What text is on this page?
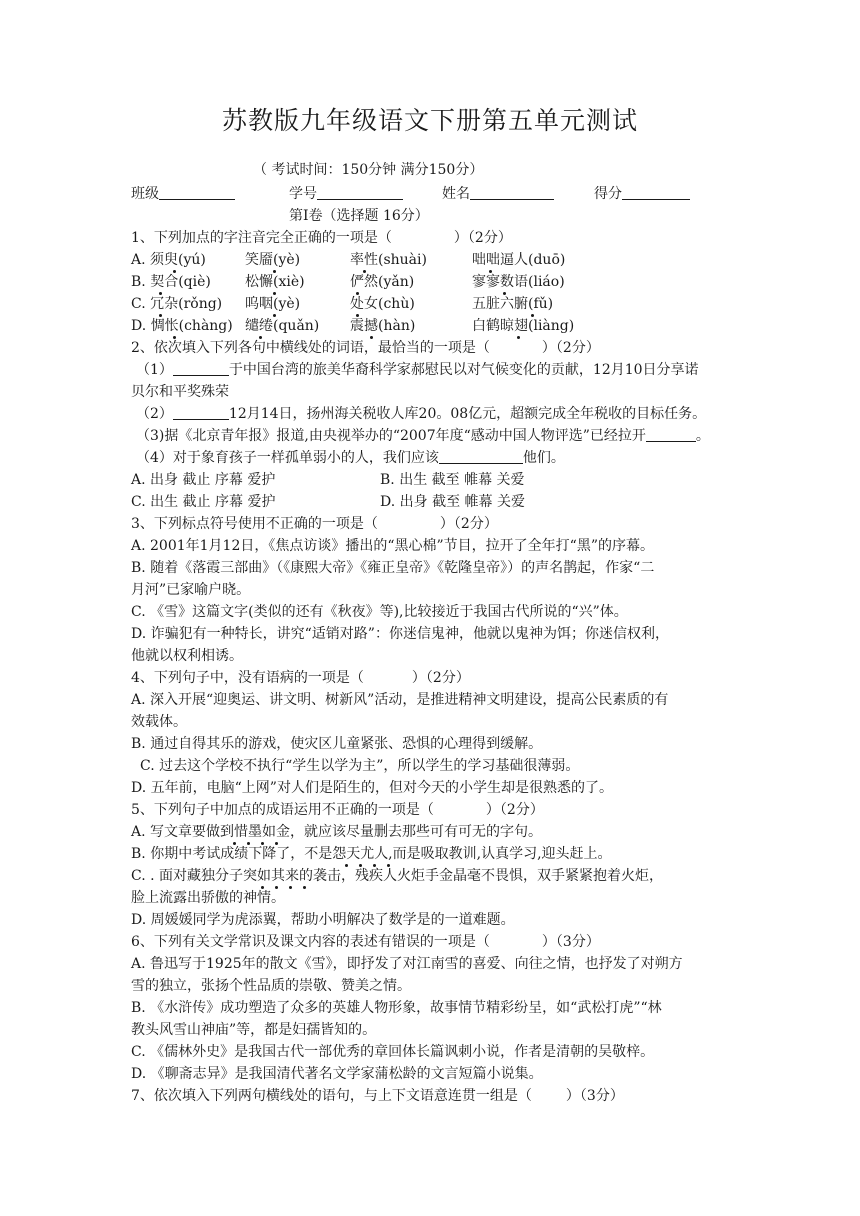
苏教版九年级语文下册第五单元测试
（ 考试时间：150分钟 满分150分）
班级	学号	姓名	得分
第Ⅰ卷（选择题 16分）
1、下列加点的字注音完全正确的一项是（	）（2分）
A. 须臾(yú)	笑靥(yè)	率性(shuài)	咄咄逼人(duō)
B. 契合(qiè) 松懈(xiè)	俨然(yǎn)	寥寥数语(liáo)
C. 冗杂(rǒng) 呜咽(yè)	处女(chù)	五脏六腑(fǔ)
D. 惆怅(chàng) 缱绻(quǎn) 震撼(hàn)	白鹤晾翅(liàng)
2、依次填入下列各句中横线处的词语，最恰当的一项是（	）（2分）
（1）	于中国台湾的旅美华裔科学家郝慰民以对气候变化的贡献，12月10日分享诺
贝尔和平奖殊荣
（2）	12月14日，扬州海关税收人库20。08亿元，超额完成全年税收的目标任务。
（3)据《北京青年报》报道,由央视举办的“2007年度“感动中国人物评选”已经拉开	。
（4）对于象育孩子一样孤单弱小的人，我们应该	他们。
A. 出身 截止 序幕 爱护	B. 出生 截至 帷幕 关爱
C. 出生 截止 序幕 爱护	D. 出身 截至 帷幕 关爱
3、下列标点符号使用不正确的一项是（	）（2分）
A. 2001年1月12日，《焦点访谈》播出的“黑心棉”节目，拉开了全年打“黑”的序幕。
B. 随着《落霞三部曲》（《康熙大帝》《雍正皇帝》《乾隆皇帝》）的声名鹊起，作家“二
月河”已家喻户晓。
C. 《雪》这篇文字(类似的还有《秋夜》等),比较接近于我国古代所说的“兴”体。
D. 诈骗犯有一种特长，讲究“适销对路”：你迷信鬼神，他就以鬼神为饵；你迷信权利，
他就以权利相诱。
4、下列句子中，没有语病的一项是（	）（2分）
A. 深入开展“迎奥运、讲文明、树新风”活动，是推进精神文明建设，提高公民素质的有
效载体。
B. 通过自得其乐的游戏，使灾区儿童紧张、恐惧的心理得到缓解。
C. 过去这个学校不执行“学生以学为主”，所以学生的学习基础很薄弱。
D. 五年前，电脑“上网”对人们是陌生的，但对今天的小学生却是很熟悉的了。
5、下列句子中加点的成语运用不正确的一项是（	）（2分）
A. 写文章要做到惜墨如金，就应该尽量删去那些可有可无的字句。
B. 你期中考试成绩下降了，不是怨天尤人,而是吸取教训,认真学习,迎头赶上。
C. . 面对藏独分子突如其来的袭击，残疾人火炬手金晶毫不畏惧，双手紧紧抱着火炬，
脸上流露出骄傲的神情。
D. 周媛媛同学为虎添翼，帮助小明解决了数学是的一道难题。
6、下列有关文学常识及课文内容的表述有错误的一项是（	）（3分）
A. 鲁迅写于1925年的散文《雪》，即抒发了对江南雪的喜爱、向往之情，也抒发了对朔方
雪的独立，张扬个性品质的崇敬、赞美之情。
B. 《水浒传》成功塑造了众多的英雄人物形象，故事情节精彩纷呈，如“武松打虎”“林
教头风雪山神庙”等，都是妇孺皆知的。
C. 《儒林外史》是我国古代一部优秀的章回体长篇讽刺小说，作者是清朝的吴敬梓。
D. 《聊斋志异》是我国清代著名文学家蒲松龄的文言短篇小说集。
7、依次填入下列两句横线处的语句，与上下文语意连贯一组是（ ）（3分）
